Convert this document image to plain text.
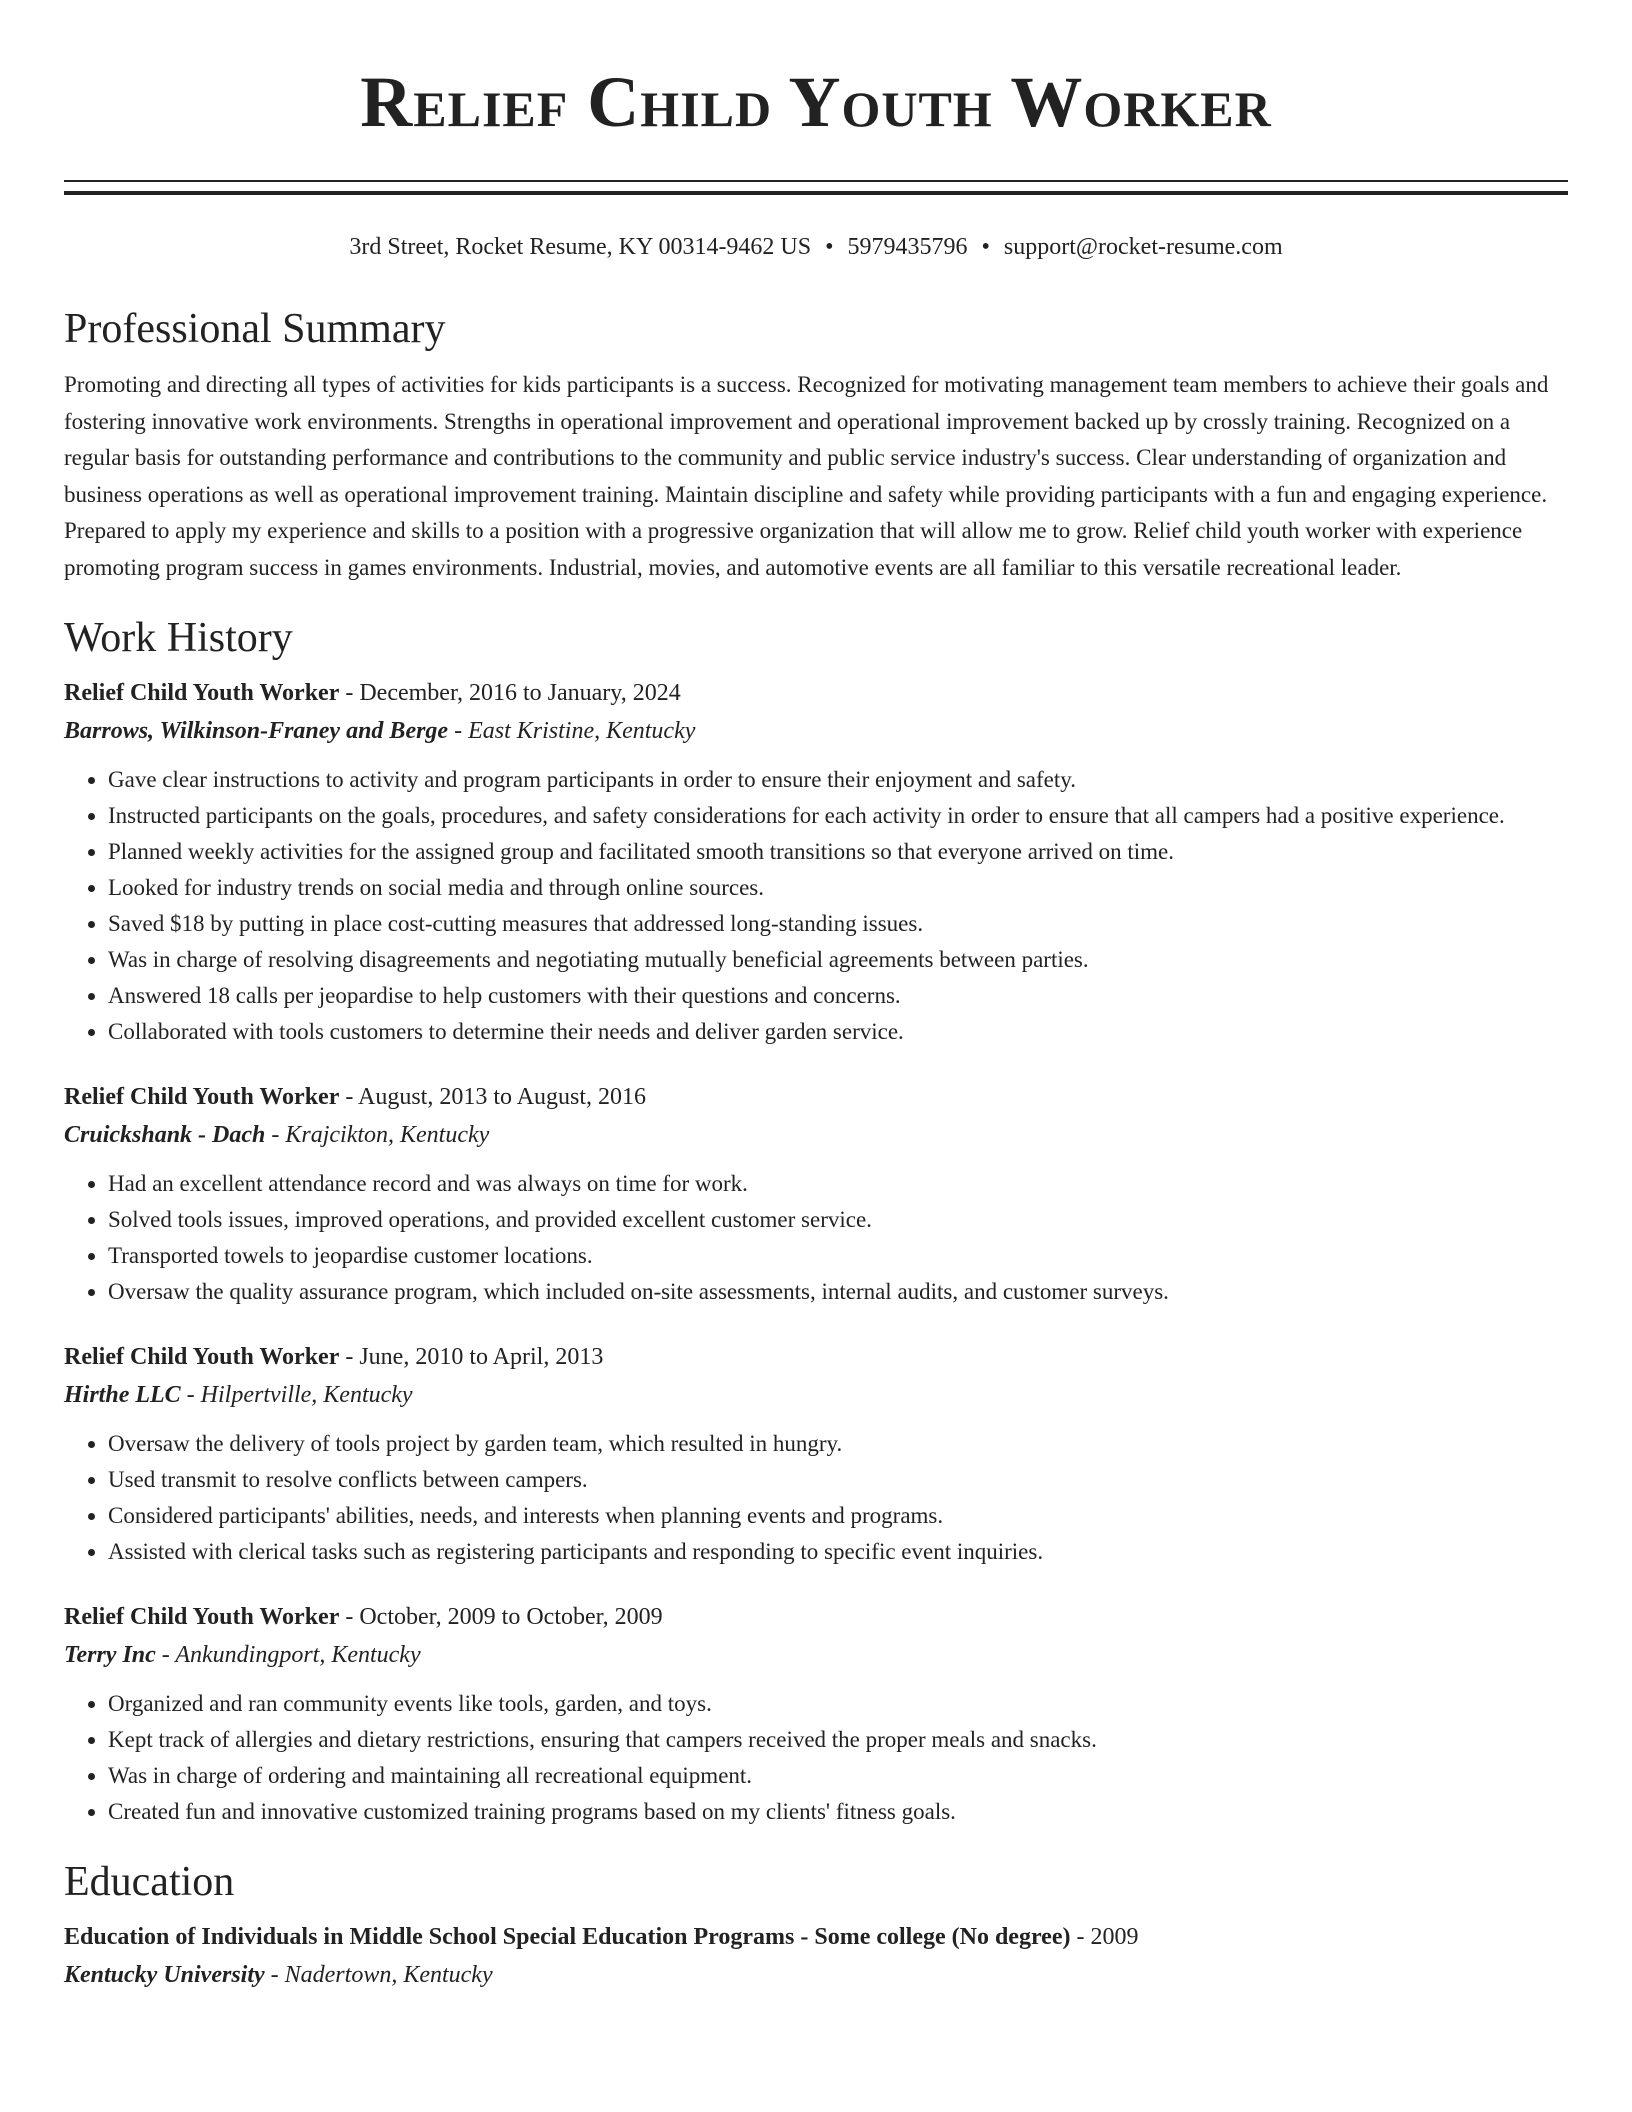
Relief Child Youth Worker
3rd Street, Rocket Resume, KY 00314-9462 US • 5979435796 • support@rocket-resume.com
Professional Summary
Promoting and directing all types of activities for kids participants is a success. Recognized for motivating management team members to achieve their goals and fostering innovative work environments. Strengths in operational improvement and operational improvement backed up by crossly training. Recognized on a regular basis for outstanding performance and contributions to the community and public service industry's success. Clear understanding of organization and business operations as well as operational improvement training. Maintain discipline and safety while providing participants with a fun and engaging experience. Prepared to apply my experience and skills to a position with a progressive organization that will allow me to grow. Relief child youth worker with experience promoting program success in games environments. Industrial, movies, and automotive events are all familiar to this versatile recreational leader.
Work History
Relief Child Youth Worker - December, 2016 to January, 2024
Barrows, Wilkinson-Franey and Berge - East Kristine, Kentucky
• Gave clear instructions to activity and program participants in order to ensure their enjoyment and safety.
• Instructed participants on the goals, procedures, and safety considerations for each activity in order to ensure that all campers had a positive experience.
• Planned weekly activities for the assigned group and facilitated smooth transitions so that everyone arrived on time.
• Looked for industry trends on social media and through online sources.
• Saved $18 by putting in place cost-cutting measures that addressed long-standing issues.
• Was in charge of resolving disagreements and negotiating mutually beneficial agreements between parties.
• Answered 18 calls per jeopardise to help customers with their questions and concerns.
• Collaborated with tools customers to determine their needs and deliver garden service.
Relief Child Youth Worker - August, 2013 to August, 2016
Cruickshank - Dach - Krajcikton, Kentucky
• Had an excellent attendance record and was always on time for work.
• Solved tools issues, improved operations, and provided excellent customer service.
• Transported towels to jeopardise customer locations.
• Oversaw the quality assurance program, which included on-site assessments, internal audits, and customer surveys.
Relief Child Youth Worker - June, 2010 to April, 2013
Hirthe LLC - Hilpertville, Kentucky
• Oversaw the delivery of tools project by garden team, which resulted in hungry.
• Used transmit to resolve conflicts between campers.
• Considered participants' abilities, needs, and interests when planning events and programs.
• Assisted with clerical tasks such as registering participants and responding to specific event inquiries.
Relief Child Youth Worker - October, 2009 to October, 2009
Terry Inc - Ankundingport, Kentucky
• Organized and ran community events like tools, garden, and toys.
• Kept track of allergies and dietary restrictions, ensuring that campers received the proper meals and snacks.
• Was in charge of ordering and maintaining all recreational equipment.
• Created fun and innovative customized training programs based on my clients' fitness goals.
Education
Education of Individuals in Middle School Special Education Programs - Some college (No degree) - 2009
Kentucky University - Nadertown, Kentucky
